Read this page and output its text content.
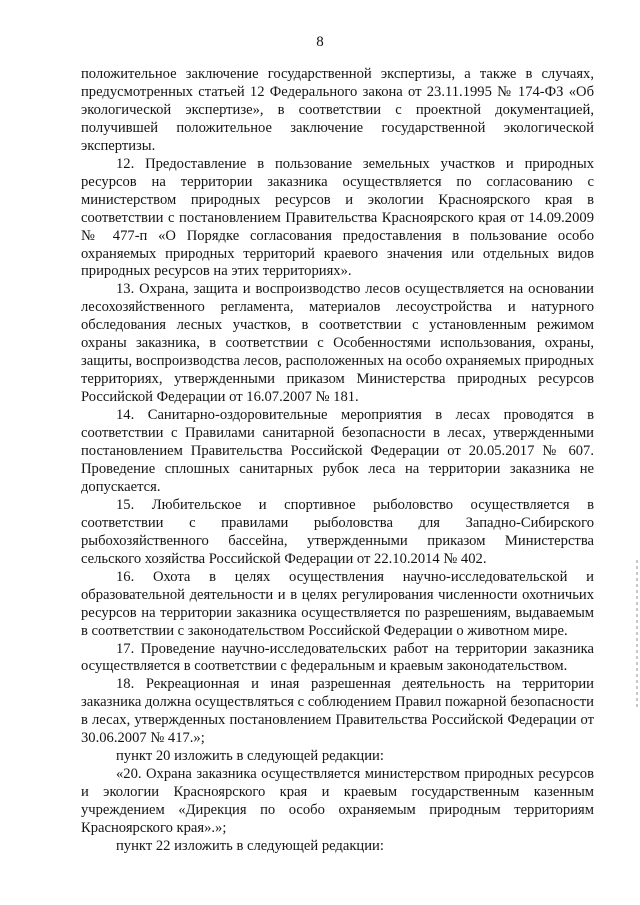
8

положительное заключение государственной экспертизы, а также в случаях, предусмотренных статьей 12 Федерального закона от 23.11.1995 № 174-ФЗ «Об экологической экспертизе», в соответствии с проектной документацией, получившей положительное заключение государственной экологической экспертизы.

12. Предоставление в пользование земельных участков и природных ресурсов на территории заказника осуществляется по согласованию с министерством природных ресурсов и экологии Красноярского края в соответствии с постановлением Правительства Красноярского края от 14.09.2009 № 477-п «О Порядке согласования предоставления в пользование особо охраняемых природных территорий краевого значения или отдельных видов природных ресурсов на этих территориях».

13. Охрана, защита и воспроизводство лесов осуществляется на основании лесохозяйственного регламента, материалов лесоустройства и натурного обследования лесных участков, в соответствии с установленным режимом охраны заказника, в соответствии с Особенностями использования, охраны, защиты, воспроизводства лесов, расположенных на особо охраняемых природных территориях, утвержденными приказом Министерства природных ресурсов Российской Федерации от 16.07.2007 № 181.

14. Санитарно-оздоровительные мероприятия в лесах проводятся в соответствии с Правилами санитарной безопасности в лесах, утвержденными постановлением Правительства Российской Федерации от 20.05.2017 № 607. Проведение сплошных санитарных рубок леса на территории заказника не допускается.

15. Любительское и спортивное рыболовство осуществляется в соответствии с правилами рыболовства для Западно-Сибирского рыбохозяйственного бассейна, утвержденными приказом Министерства сельского хозяйства Российской Федерации от 22.10.2014 № 402.

16. Охота в целях осуществления научно-исследовательской и образовательной деятельности и в целях регулирования численности охотничьих ресурсов на территории заказника осуществляется по разрешениям, выдаваемым в соответствии с законодательством Российской Федерации о животном мире.

17. Проведение научно-исследовательских работ на территории заказника осуществляется в соответствии с федеральным и краевым законодательством.

18. Рекреационная и иная разрешенная деятельность на территории заказника должна осуществляться с соблюдением Правил пожарной безопасности в лесах, утвержденных постановлением Правительства Российской Федерации от 30.06.2007 № 417.»;

пункт 20 изложить в следующей редакции:

«20. Охрана заказника осуществляется министерством природных ресурсов и экологии Красноярского края и краевым государственным казенным учреждением «Дирекция по особо охраняемым природным территориям Красноярского края».»;

пункт 22 изложить в следующей редакции:
